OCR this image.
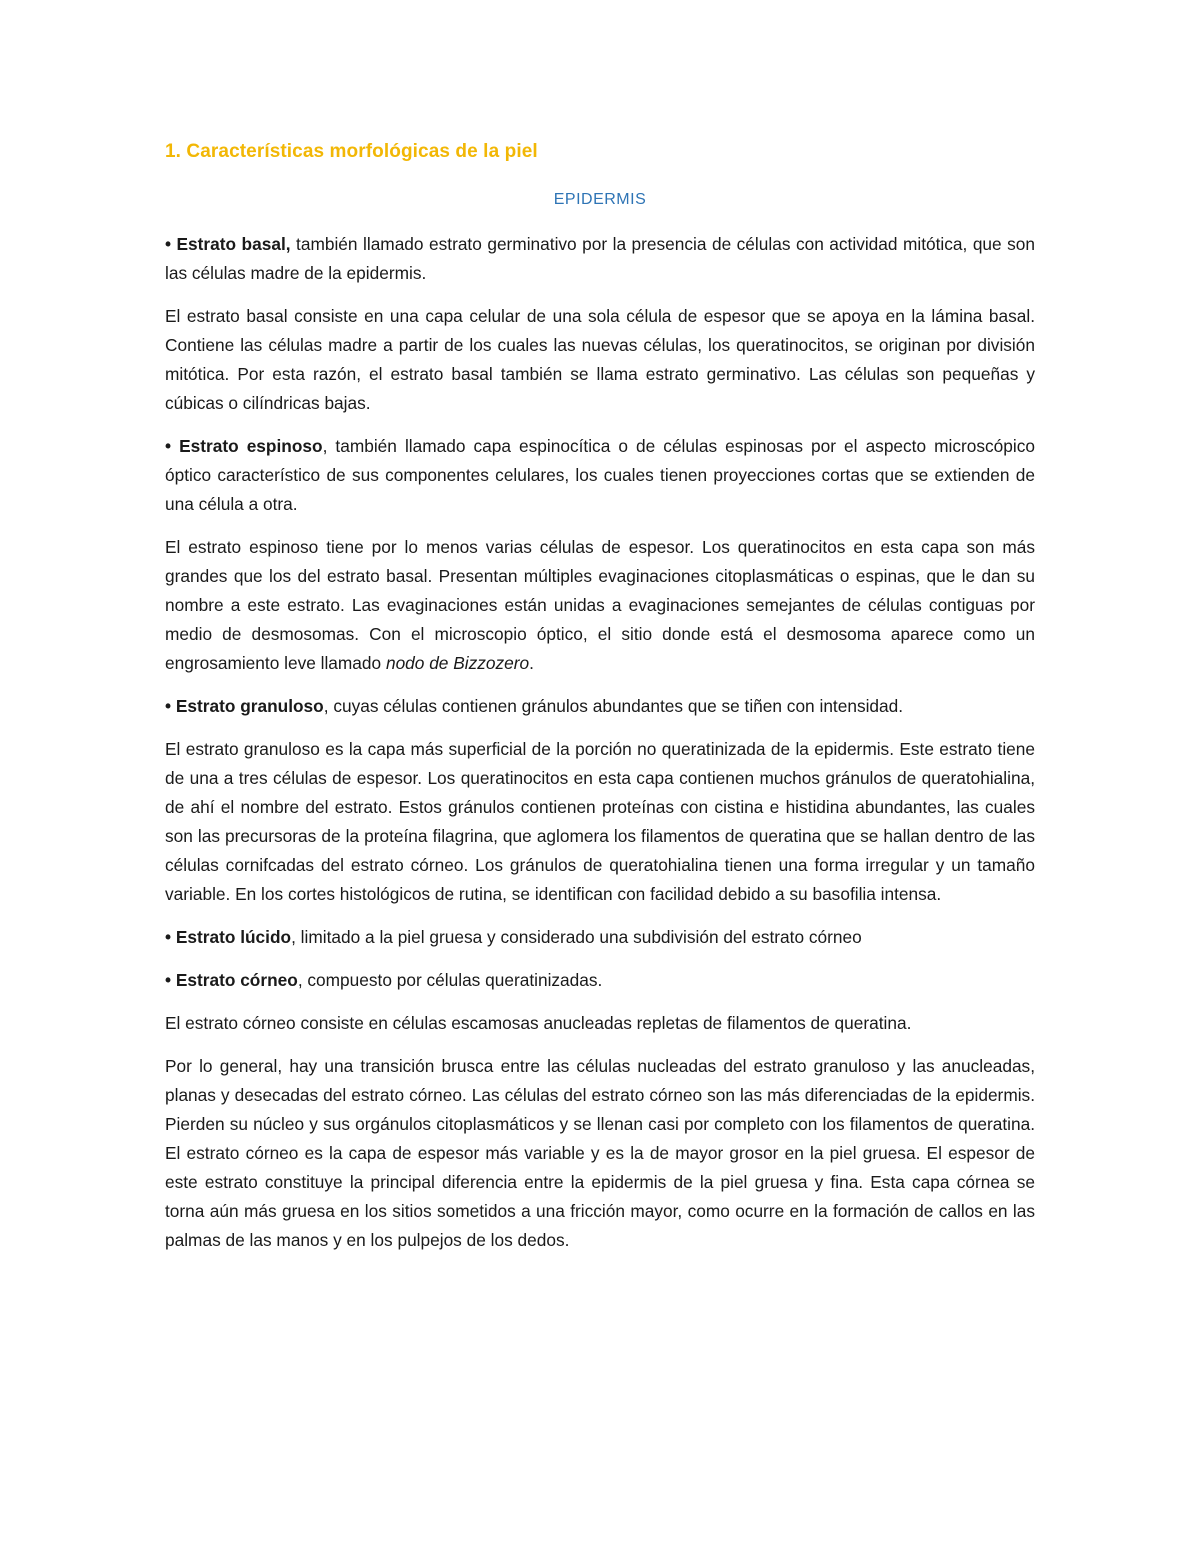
1. Características morfológicas de la piel
EPIDERMIS

• Estrato basal, también llamado estrato germinativo por la presencia de células con actividad mitótica, que son las células madre de la epidermis.

El estrato basal consiste en una capa celular de una sola célula de espesor que se apoya en la lámina basal. Contiene las células madre a partir de los cuales las nuevas células, los queratinocitos, se originan por división mitótica. Por esta razón, el estrato basal también se llama estrato germinativo. Las células son pequeñas y cúbicas o cilíndricas bajas.

• Estrato espinoso, también llamado capa espinocítica o de células espinosas por el aspecto microscópico óptico característico de sus componentes celulares, los cuales tienen proyecciones cortas que se extienden de una célula a otra.

El estrato espinoso tiene por lo menos varias células de espesor. Los queratinocitos en esta capa son más grandes que los del estrato basal. Presentan múltiples evaginaciones citoplasmáticas o espinas, que le dan su nombre a este estrato. Las evaginaciones están unidas a evaginaciones semejantes de células contiguas por medio de desmosomas. Con el microscopio óptico, el sitio donde está el desmosoma aparece como un engrosamiento leve llamado nodo de Bizzozero.

• Estrato granuloso, cuyas células contienen gránulos abundantes que se tiñen con intensidad.

El estrato granuloso es la capa más superficial de la porción no queratinizada de la epidermis. Este estrato tiene de una a tres células de espesor. Los queratinocitos en esta capa contienen muchos gránulos de queratohialina, de ahí el nombre del estrato. Estos gránulos contienen proteínas con cistina e histidina abundantes, las cuales son las precursoras de la proteína filagrina, que aglomera los filamentos de queratina que se hallan dentro de las células cornifcadas del estrato córneo. Los gránulos de queratohialina tienen una forma irregular y un tamaño variable. En los cortes histológicos de rutina, se identifican con facilidad debido a su basofilia intensa.

• Estrato lúcido, limitado a la piel gruesa y considerado una subdivisión del estrato córneo

• Estrato córneo, compuesto por células queratinizadas.

El estrato córneo consiste en células escamosas anucleadas repletas de filamentos de queratina.

Por lo general, hay una transición brusca entre las células nucleadas del estrato granuloso y las anucleadas, planas y desecadas del estrato córneo. Las células del estrato córneo son las más diferenciadas de la epidermis. Pierden su núcleo y sus orgánulos citoplasmáticos y se llenan casi por completo con los filamentos de queratina. El estrato córneo es la capa de espesor más variable y es la de mayor grosor en la piel gruesa. El espesor de este estrato constituye la principal diferencia entre la epidermis de la piel gruesa y fina. Esta capa córnea se torna aún más gruesa en los sitios sometidos a una fricción mayor, como ocurre en la formación de callos en las palmas de las manos y en los pulpejos de los dedos.
